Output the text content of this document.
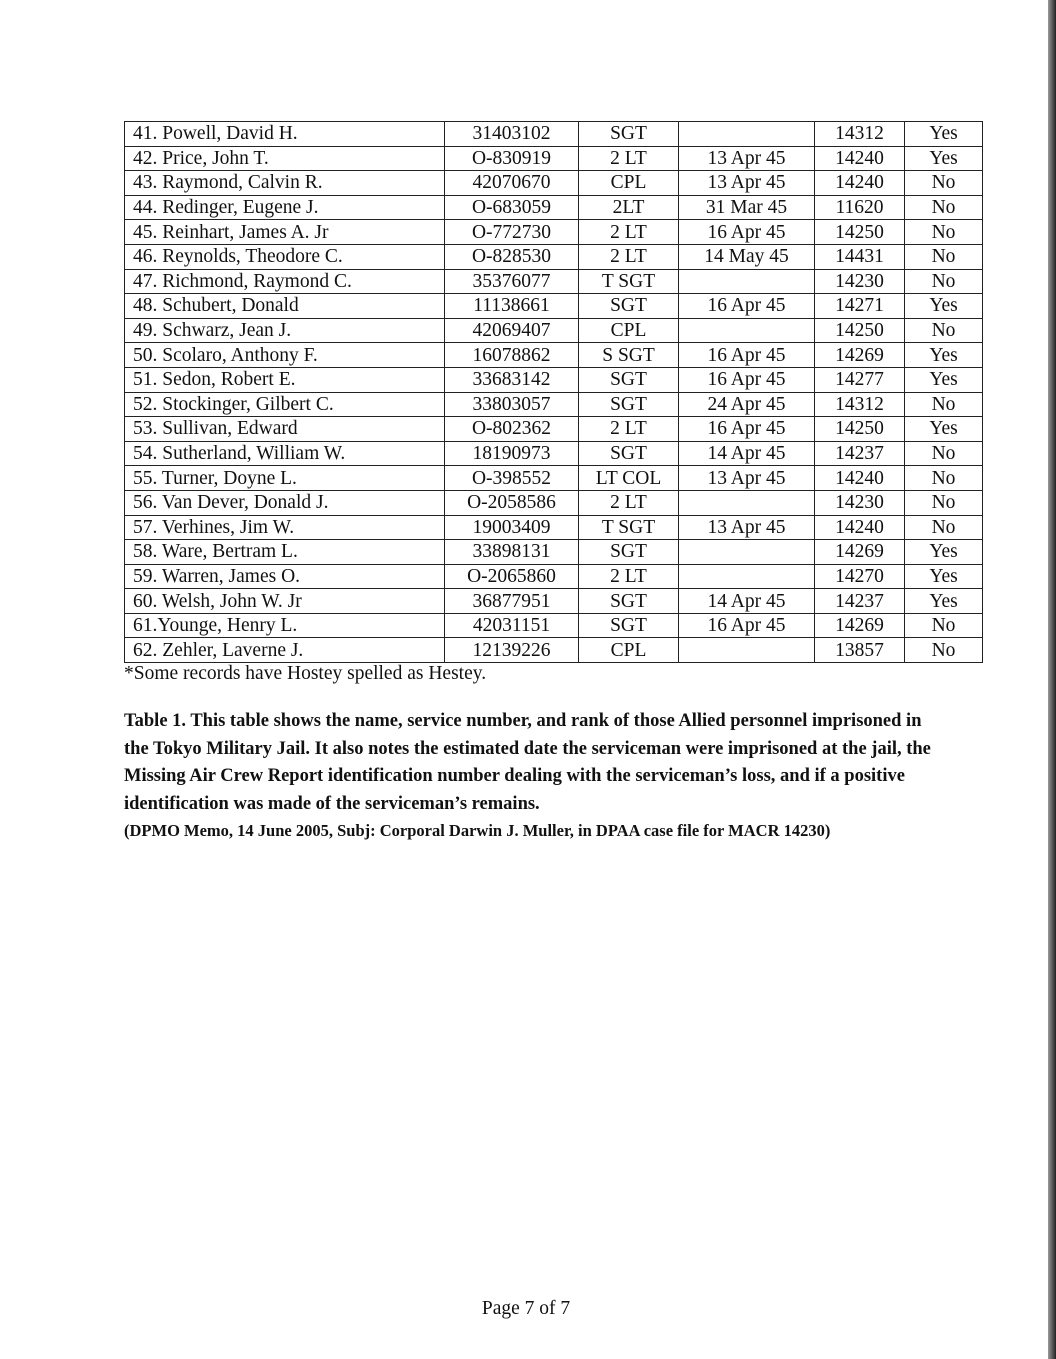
41. Powell, David H.	31403102	SGT		14312	Yes
42. Price, John T.	O-830919	2 LT	13 Apr 45	14240	Yes
43. Raymond, Calvin R.	42070670	CPL	13 Apr 45	14240	No
44. Redinger, Eugene J.	O-683059	2LT	31 Mar 45	11620	No
45. Reinhart, James A. Jr	O-772730	2 LT	16 Apr 45	14250	No
46. Reynolds, Theodore C.	O-828530	2 LT	14 May 45	14431	No
47. Richmond, Raymond C.	35376077	T SGT		14230	No
48. Schubert, Donald	11138661	SGT	16 Apr 45	14271	Yes
49. Schwarz, Jean J.	42069407	CPL		14250	No
50. Scolaro, Anthony F.	16078862	S SGT	16 Apr 45	14269	Yes
51. Sedon, Robert E.	33683142	SGT	16 Apr 45	14277	Yes
52. Stockinger, Gilbert C.	33803057	SGT	24 Apr 45	14312	No
53. Sullivan, Edward	O-802362	2 LT	16 Apr 45	14250	Yes
54. Sutherland, William W.	18190973	SGT	14 Apr 45	14237	No
55. Turner, Doyne L.	O-398552	LT COL	13 Apr 45	14240	No
56. Van Dever, Donald J.	O-2058586	2 LT		14230	No
57. Verhines, Jim W.	19003409	T SGT	13 Apr 45	14240	No
58. Ware, Bertram L.	33898131	SGT		14269	Yes
59. Warren, James O.	O-2065860	2 LT		14270	Yes
60. Welsh, John W. Jr	36877951	SGT	14 Apr 45	14237	Yes
61.Younge, Henry L.	42031151	SGT	16 Apr 45	14269	No
62. Zehler, Laverne J.	12139226	CPL		13857	No
*Some records have Hostey spelled as Hestey.
Table 1. This table shows the name, service number, and rank of those Allied personnel imprisoned in the Tokyo Military Jail. It also notes the estimated date the serviceman were imprisoned at the jail, the Missing Air Crew Report identification number dealing with the serviceman’s loss, and if a positive identification was made of the serviceman’s remains.
(DPMO Memo, 14 June 2005, Subj: Corporal Darwin J. Muller, in DPAA case file for MACR 14230)
Page 7 of 7
